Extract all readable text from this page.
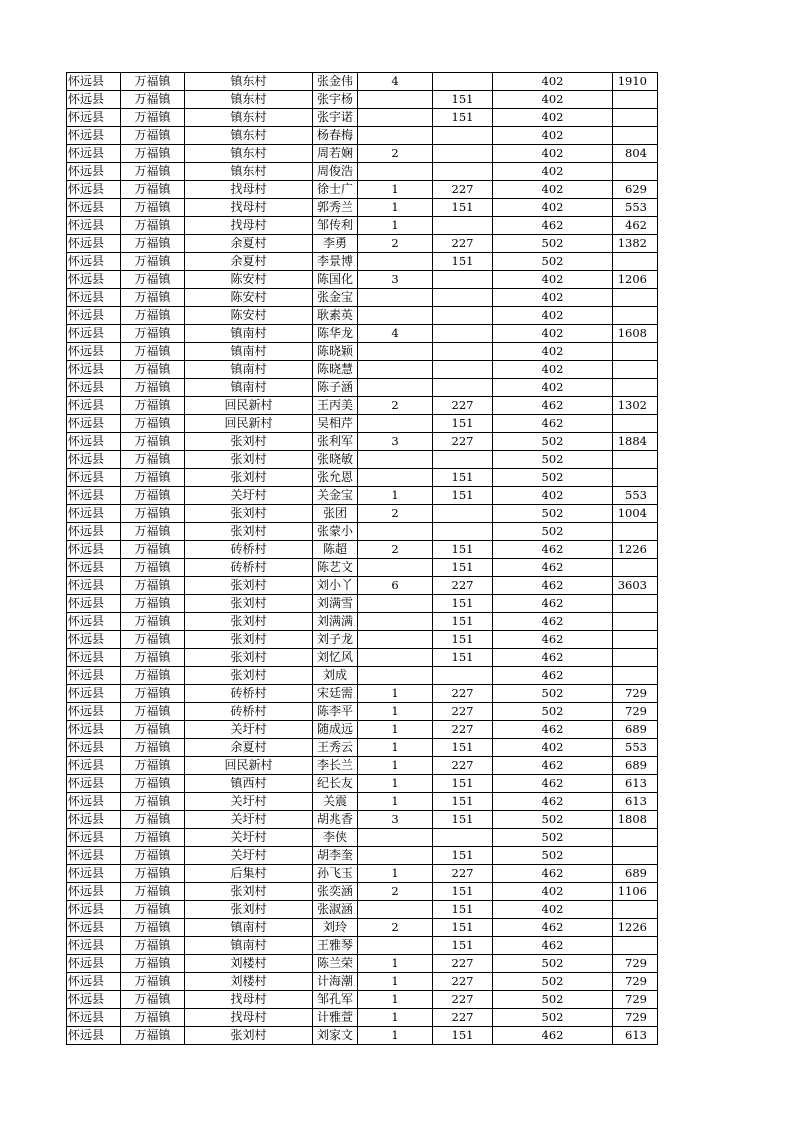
怀远县	万福镇	镇东村	张金伟	4		402	1910
怀远县	万福镇	镇东村	张宇杨		151	402	
怀远县	万福镇	镇东村	张宇诺		151	402	
怀远县	万福镇	镇东村	杨春梅			402	
怀远县	万福镇	镇东村	周若娴	2		402	804
怀远县	万福镇	镇东村	周俊浩			402	
怀远县	万福镇	找母村	徐士广	1	227	402	629
怀远县	万福镇	找母村	郭秀兰	1	151	402	553
怀远县	万福镇	找母村	邹传利	1		462	462
怀远县	万福镇	余夏村	李勇	2	227	502	1382
怀远县	万福镇	余夏村	李景博		151	502	
怀远县	万福镇	陈安村	陈国化	3		402	1206
怀远县	万福镇	陈安村	张金宝			402	
怀远县	万福镇	陈安村	耿素英			402	
怀远县	万福镇	镇南村	陈华龙	4		402	1608
怀远县	万福镇	镇南村	陈晓颖			402	
怀远县	万福镇	镇南村	陈晓慧			402	
怀远县	万福镇	镇南村	陈子涵			402	
怀远县	万福镇	回民新村	王丙美	2	227	462	1302
怀远县	万福镇	回民新村	吴相芹		151	462	
怀远县	万福镇	张刘村	张利军	3	227	502	1884
怀远县	万福镇	张刘村	张晓敏			502	
怀远县	万福镇	张刘村	张允恩		151	502	
怀远县	万福镇	关圩村	关金宝	1	151	402	553
怀远县	万福镇	张刘村	张团	2		502	1004
怀远县	万福镇	张刘村	张蒙小			502	
怀远县	万福镇	砖桥村	陈超	2	151	462	1226
怀远县	万福镇	砖桥村	陈艺文		151	462	
怀远县	万福镇	张刘村	刘小丫	6	227	462	3603
怀远县	万福镇	张刘村	刘满雪		151	462	
怀远县	万福镇	张刘村	刘满满		151	462	
怀远县	万福镇	张刘村	刘子龙		151	462	
怀远县	万福镇	张刘村	刘忆风		151	462	
怀远县	万福镇	张刘村	刘成			462	
怀远县	万福镇	砖桥村	宋廷需	1	227	502	729
怀远县	万福镇	砖桥村	陈李平	1	227	502	729
怀远县	万福镇	关圩村	随成远	1	227	462	689
怀远县	万福镇	余夏村	王秀云	1	151	402	553
怀远县	万福镇	回民新村	李长兰	1	227	462	689
怀远县	万福镇	镇西村	纪长友	1	151	462	613
怀远县	万福镇	关圩村	关震	1	151	462	613
怀远县	万福镇	关圩村	胡兆香	3	151	502	1808
怀远县	万福镇	关圩村	李侠			502	
怀远县	万福镇	关圩村	胡李奎		151	502	
怀远县	万福镇	后集村	孙飞玉	1	227	462	689
怀远县	万福镇	张刘村	张奕涵	2	151	402	1106
怀远县	万福镇	张刘村	张淑涵		151	402	
怀远县	万福镇	镇南村	刘玲	2	151	462	1226
怀远县	万福镇	镇南村	王雅琴		151	462	
怀远县	万福镇	刘楼村	陈兰荣	1	227	502	729
怀远县	万福镇	刘楼村	计海潮	1	227	502	729
怀远县	万福镇	找母村	邹孔军	1	227	502	729
怀远县	万福镇	找母村	计雅萱	1	227	502	729
怀远县	万福镇	张刘村	刘家文	1	151	462	613
